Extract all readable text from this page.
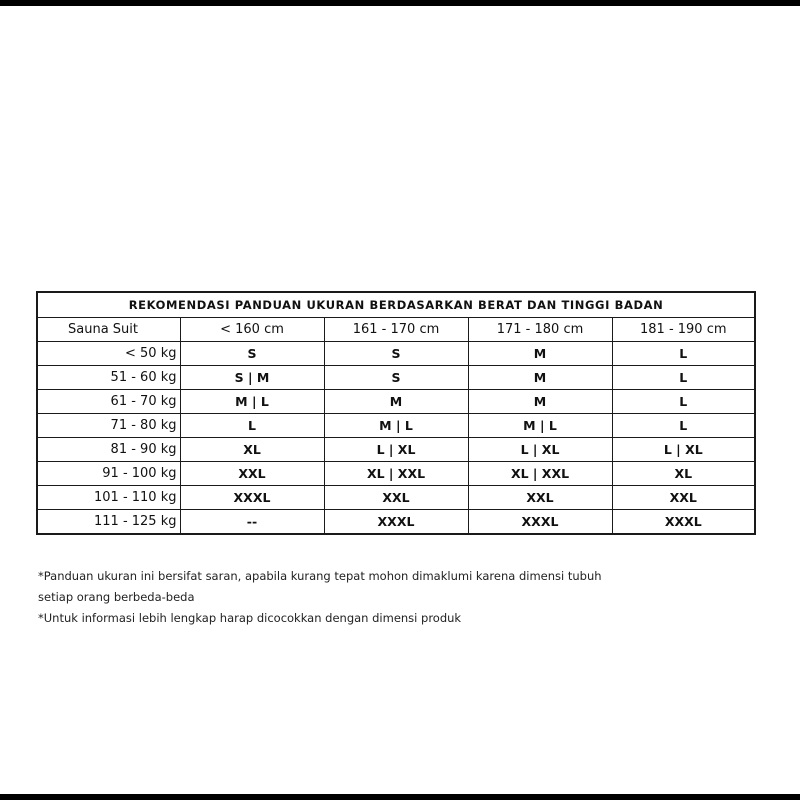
REKOMENDASI PANDUAN UKURAN BERDASARKAN BERAT DAN TINGGI BADAN				
Sauna Suit	< 160 cm	161 - 170 cm	171 - 180 cm	181 - 190 cm
< 50 kg	S	S	M	L
51 - 60 kg	S | M	S	M	L
61 - 70 kg	M | L	M	M	L
71 - 80 kg	L	M | L	M | L	L
81 - 90 kg	XL	L | XL	L | XL	L | XL
91 - 100 kg	XXL	XL | XXL	XL | XXL	XL
101 - 110 kg	XXXL	XXL	XXL	XXL
111 - 125 kg	--	XXXL	XXXL	XXXL

*Panduan ukuran ini bersifat saran, apabila kurang tepat mohon dimaklumi karena dimensi tubuh

setiap orang berbeda-beda

*Untuk informasi lebih lengkap harap dicocokkan dengan dimensi produk
